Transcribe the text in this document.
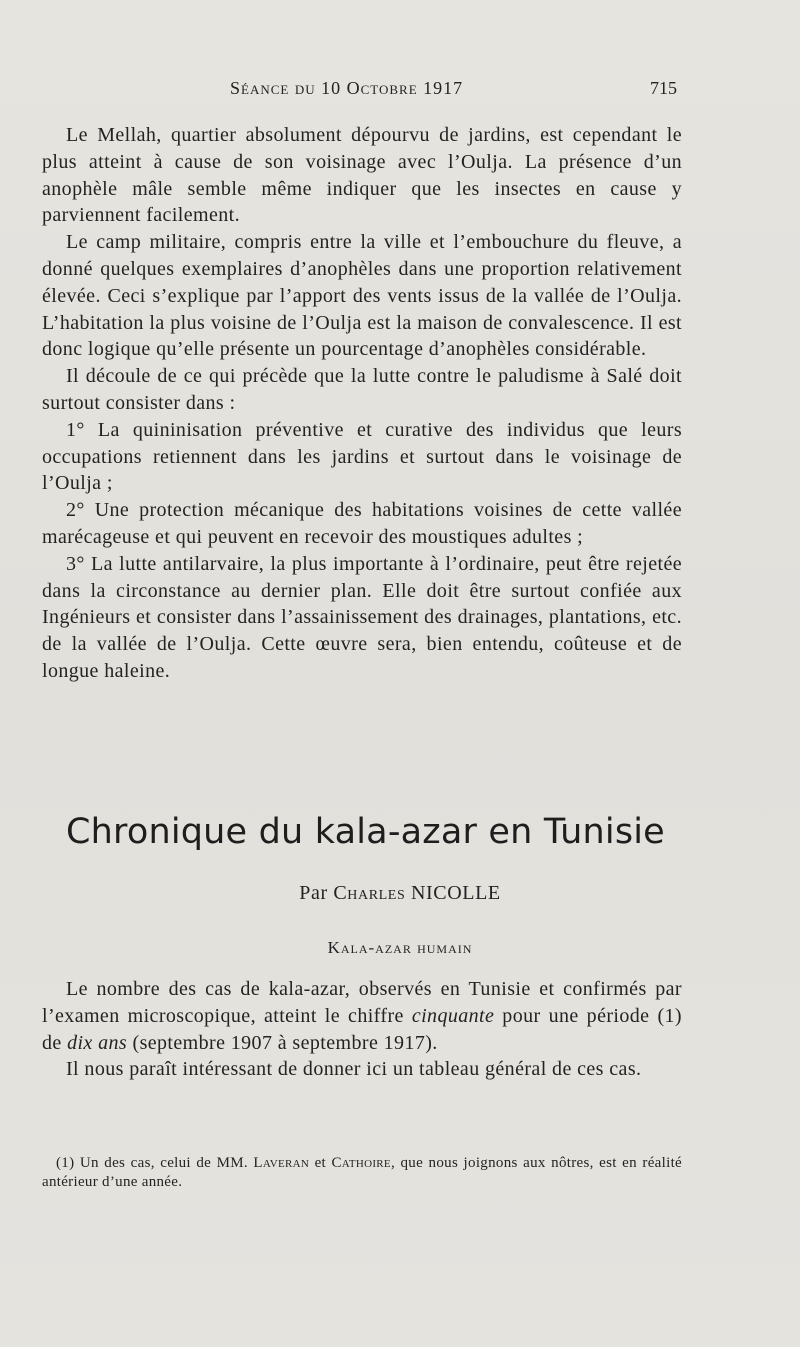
Séance du 10 Octobre 1917	715

Le Mellah, quartier absolument dépourvu de jardins, est cependant le plus atteint à cause de son voisinage avec l’Oulja. La présence d’un anophèle mâle semble même indiquer que les insectes en cause y parviennent facilement.

Le camp militaire, compris entre la ville et l’embouchure du fleuve, a donné quelques exemplaires d’anophèles dans une proportion relativement élevée. Ceci s’explique par l’apport des vents issus de la vallée de l’Oulja. L’habitation la plus voisine de l’Oulja est la maison de convalescence. Il est donc logique qu’elle présente un pourcentage d’anophèles considérable.

Il découle de ce qui précède que la lutte contre le paludisme à Salé doit surtout consister dans :

1° La quininisation préventive et curative des individus que leurs occupations retiennent dans les jardins et surtout dans le voisinage de l’Oulja ;

2° Une protection mécanique des habitations voisines de cette vallée marécageuse et qui peuvent en recevoir des moustiques adultes ;

3° La lutte antilarvaire, la plus importante à l’ordinaire, peut être rejetée dans la circonstance au dernier plan. Elle doit être surtout confiée aux Ingénieurs et consister dans l’assainissement des drainages, plantations, etc. de la vallée de l’Oulja. Cette œuvre sera, bien entendu, coûteuse et de longue haleine.

Chronique du kala-azar en Tunisie
Par Charles NICOLLE
Kala-azar humain

Le nombre des cas de kala-azar, observés en Tunisie et confirmés par l’examen microscopique, atteint le chiffre cinquante pour une période (1) de dix ans (septembre 1907 à septembre 1917).

Il nous paraît intéressant de donner ici un tableau général de ces cas.

(1) Un des cas, celui de MM. Laveran et Cathoire, que nous joignons aux nôtres, est en réalité antérieur d’une année.
